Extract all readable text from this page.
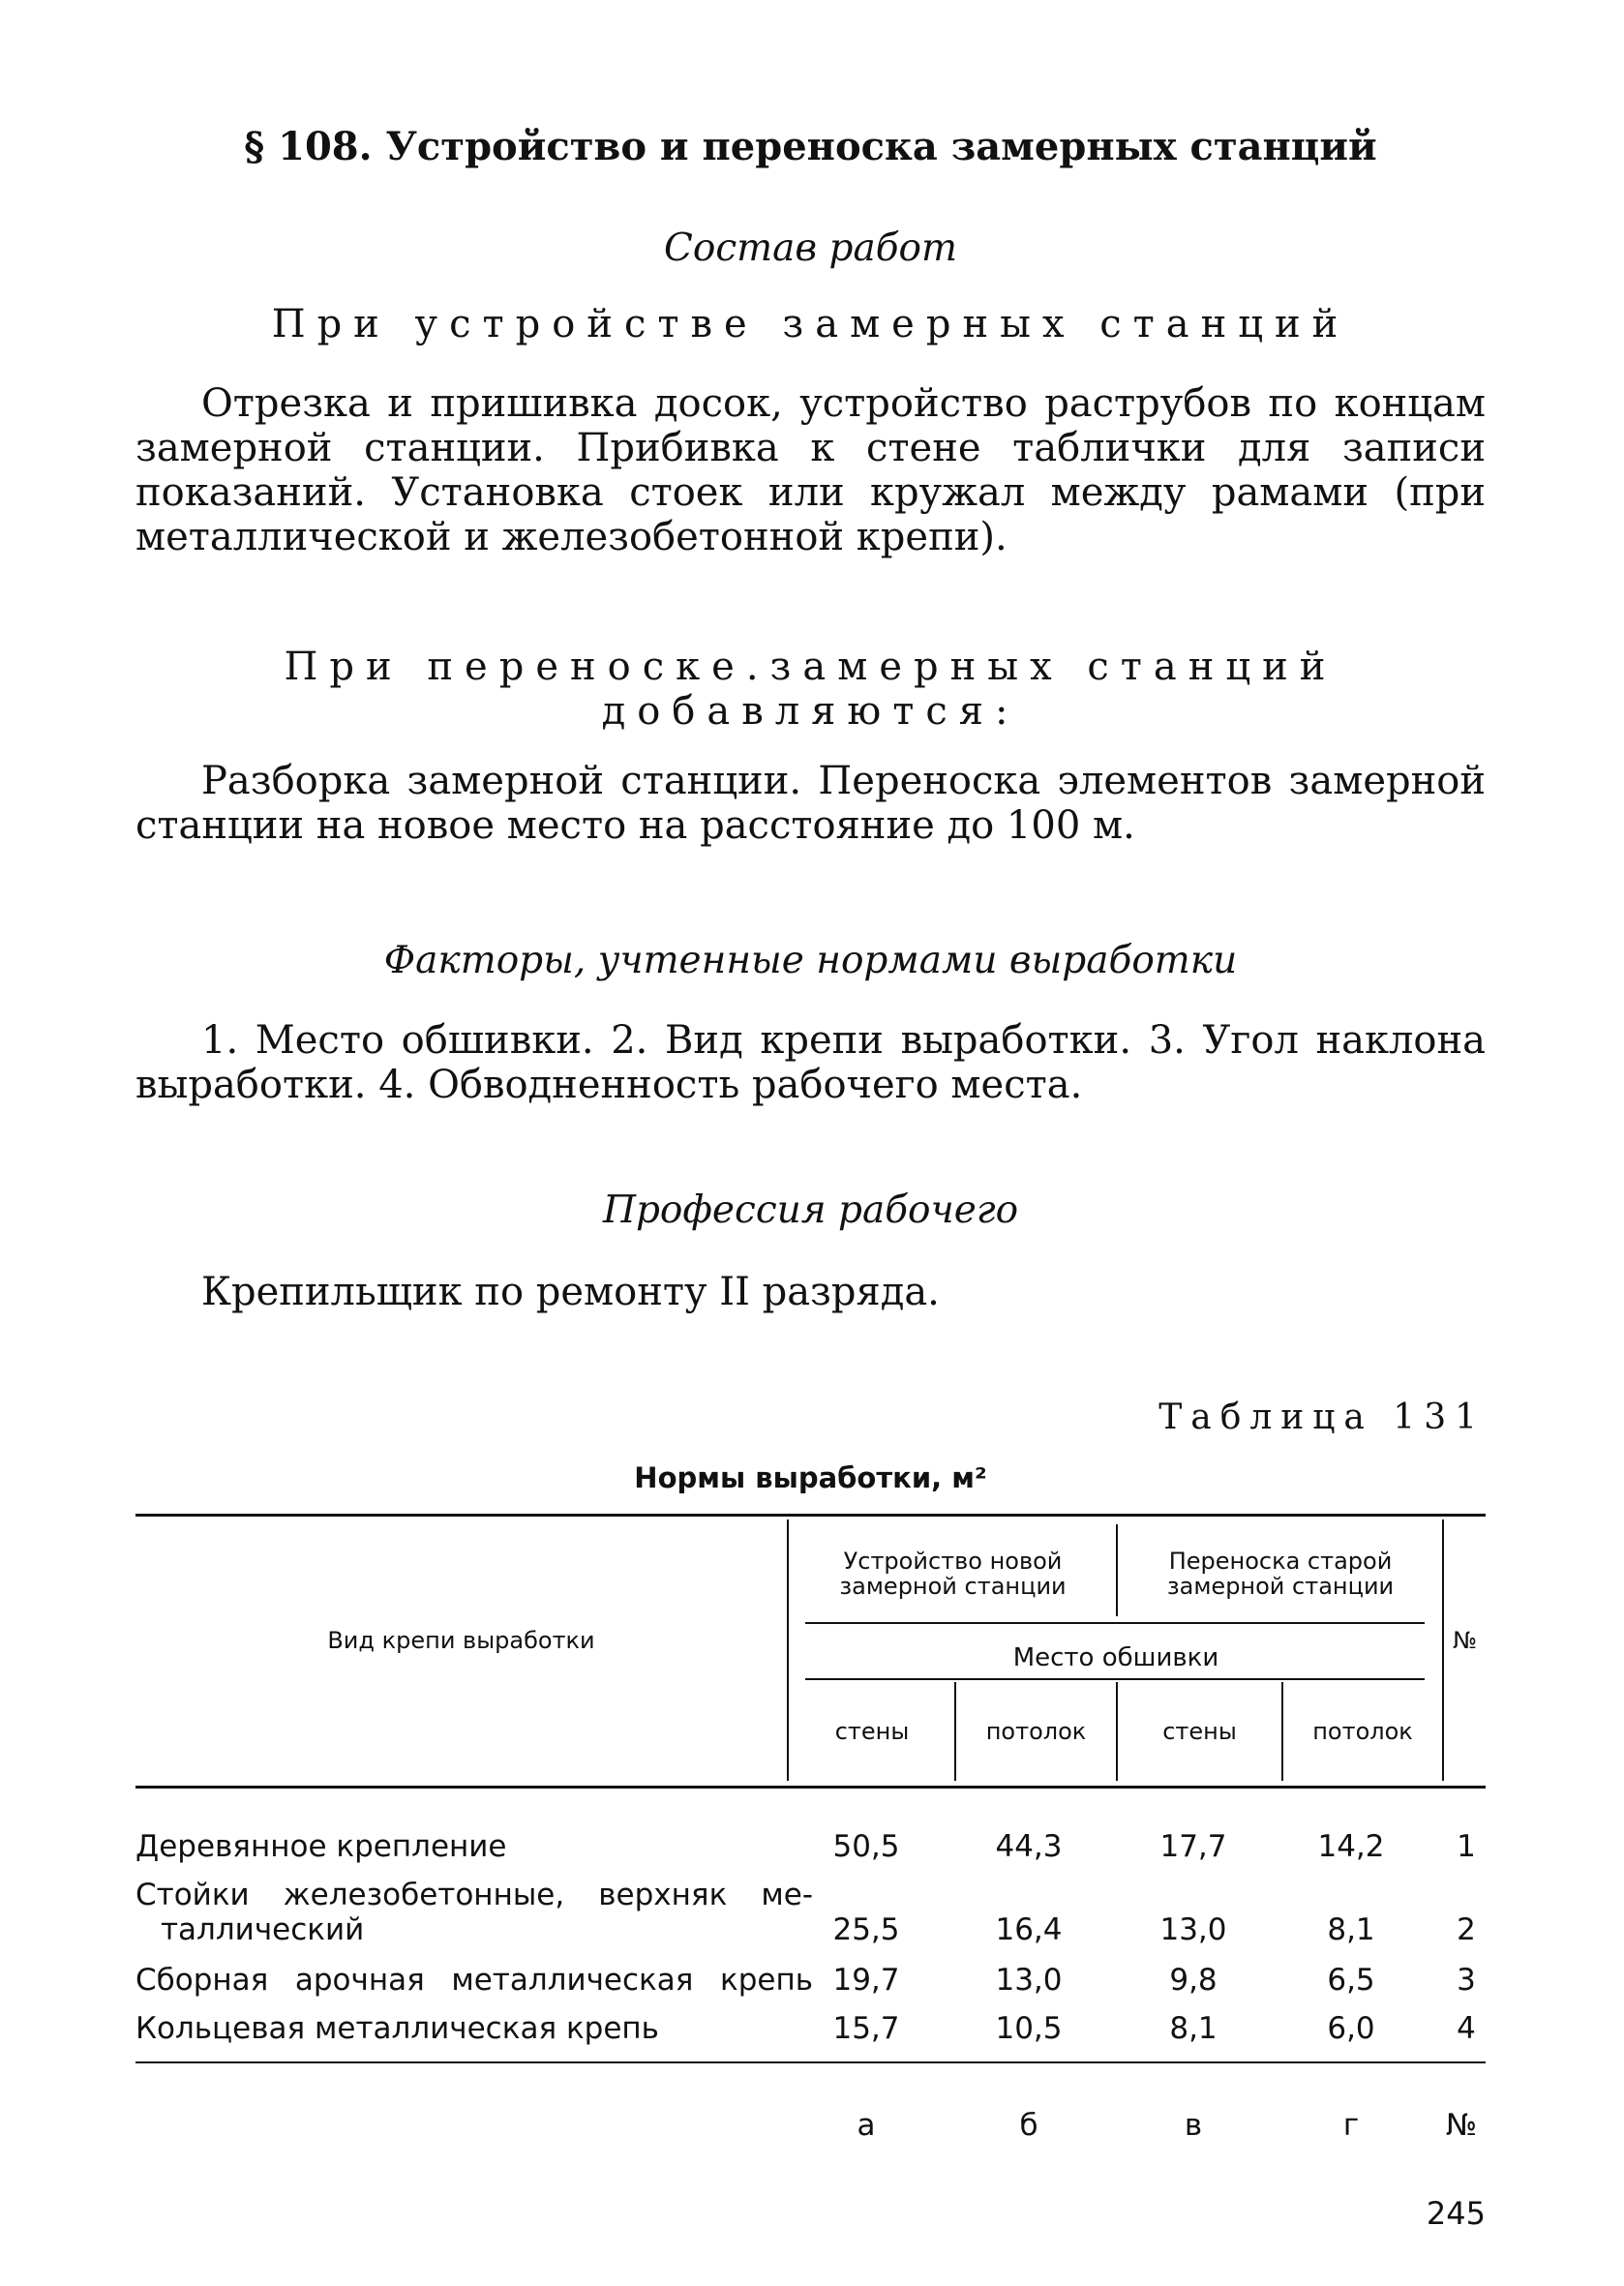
§ 108. Устройство и переноска замерных станций
Состав работ
При устройстве замерных станций
Отрезка и пришивка досок, устройство раструбов по концам замерной станции. Прибивка к стене таблички для записи показаний. Установка стоек или кружал между рамами (при металлической и железобетонной крепи).
При переноске.замерных станций
добавляются:
Разборка замерной станции. Переноска элементов замерной станции на новое место на расстояние до 100 м.
Факторы, учтенные нормами выработки
1. Место обшивки. 2. Вид крепи выработки. 3. Угол наклона выработки. 4. Обводненность рабочего места.
Профессия рабочего
Крепильщик по ремонту II разряда.
Таблица 131
Нормы выработки, м²
Вид крепи выработки
Устройство новой
замерной станции
Переноска старой
замерной станции
Место обшивки
стены	потолок	стены	потолок
№
Деревянное крепление	50,5	44,3	17,7	14,2	1
Стойки железобетонные, верхняк ме-
таллический	25,5	16,4	13,0	8,1	2
Сборная арочная металлическая крепь 19,7	13,0	9,8	6,5	3
Кольцевая металлическая крепь	15,7	10,5	8,1	6,0	4
а	б	в	г	№
245
